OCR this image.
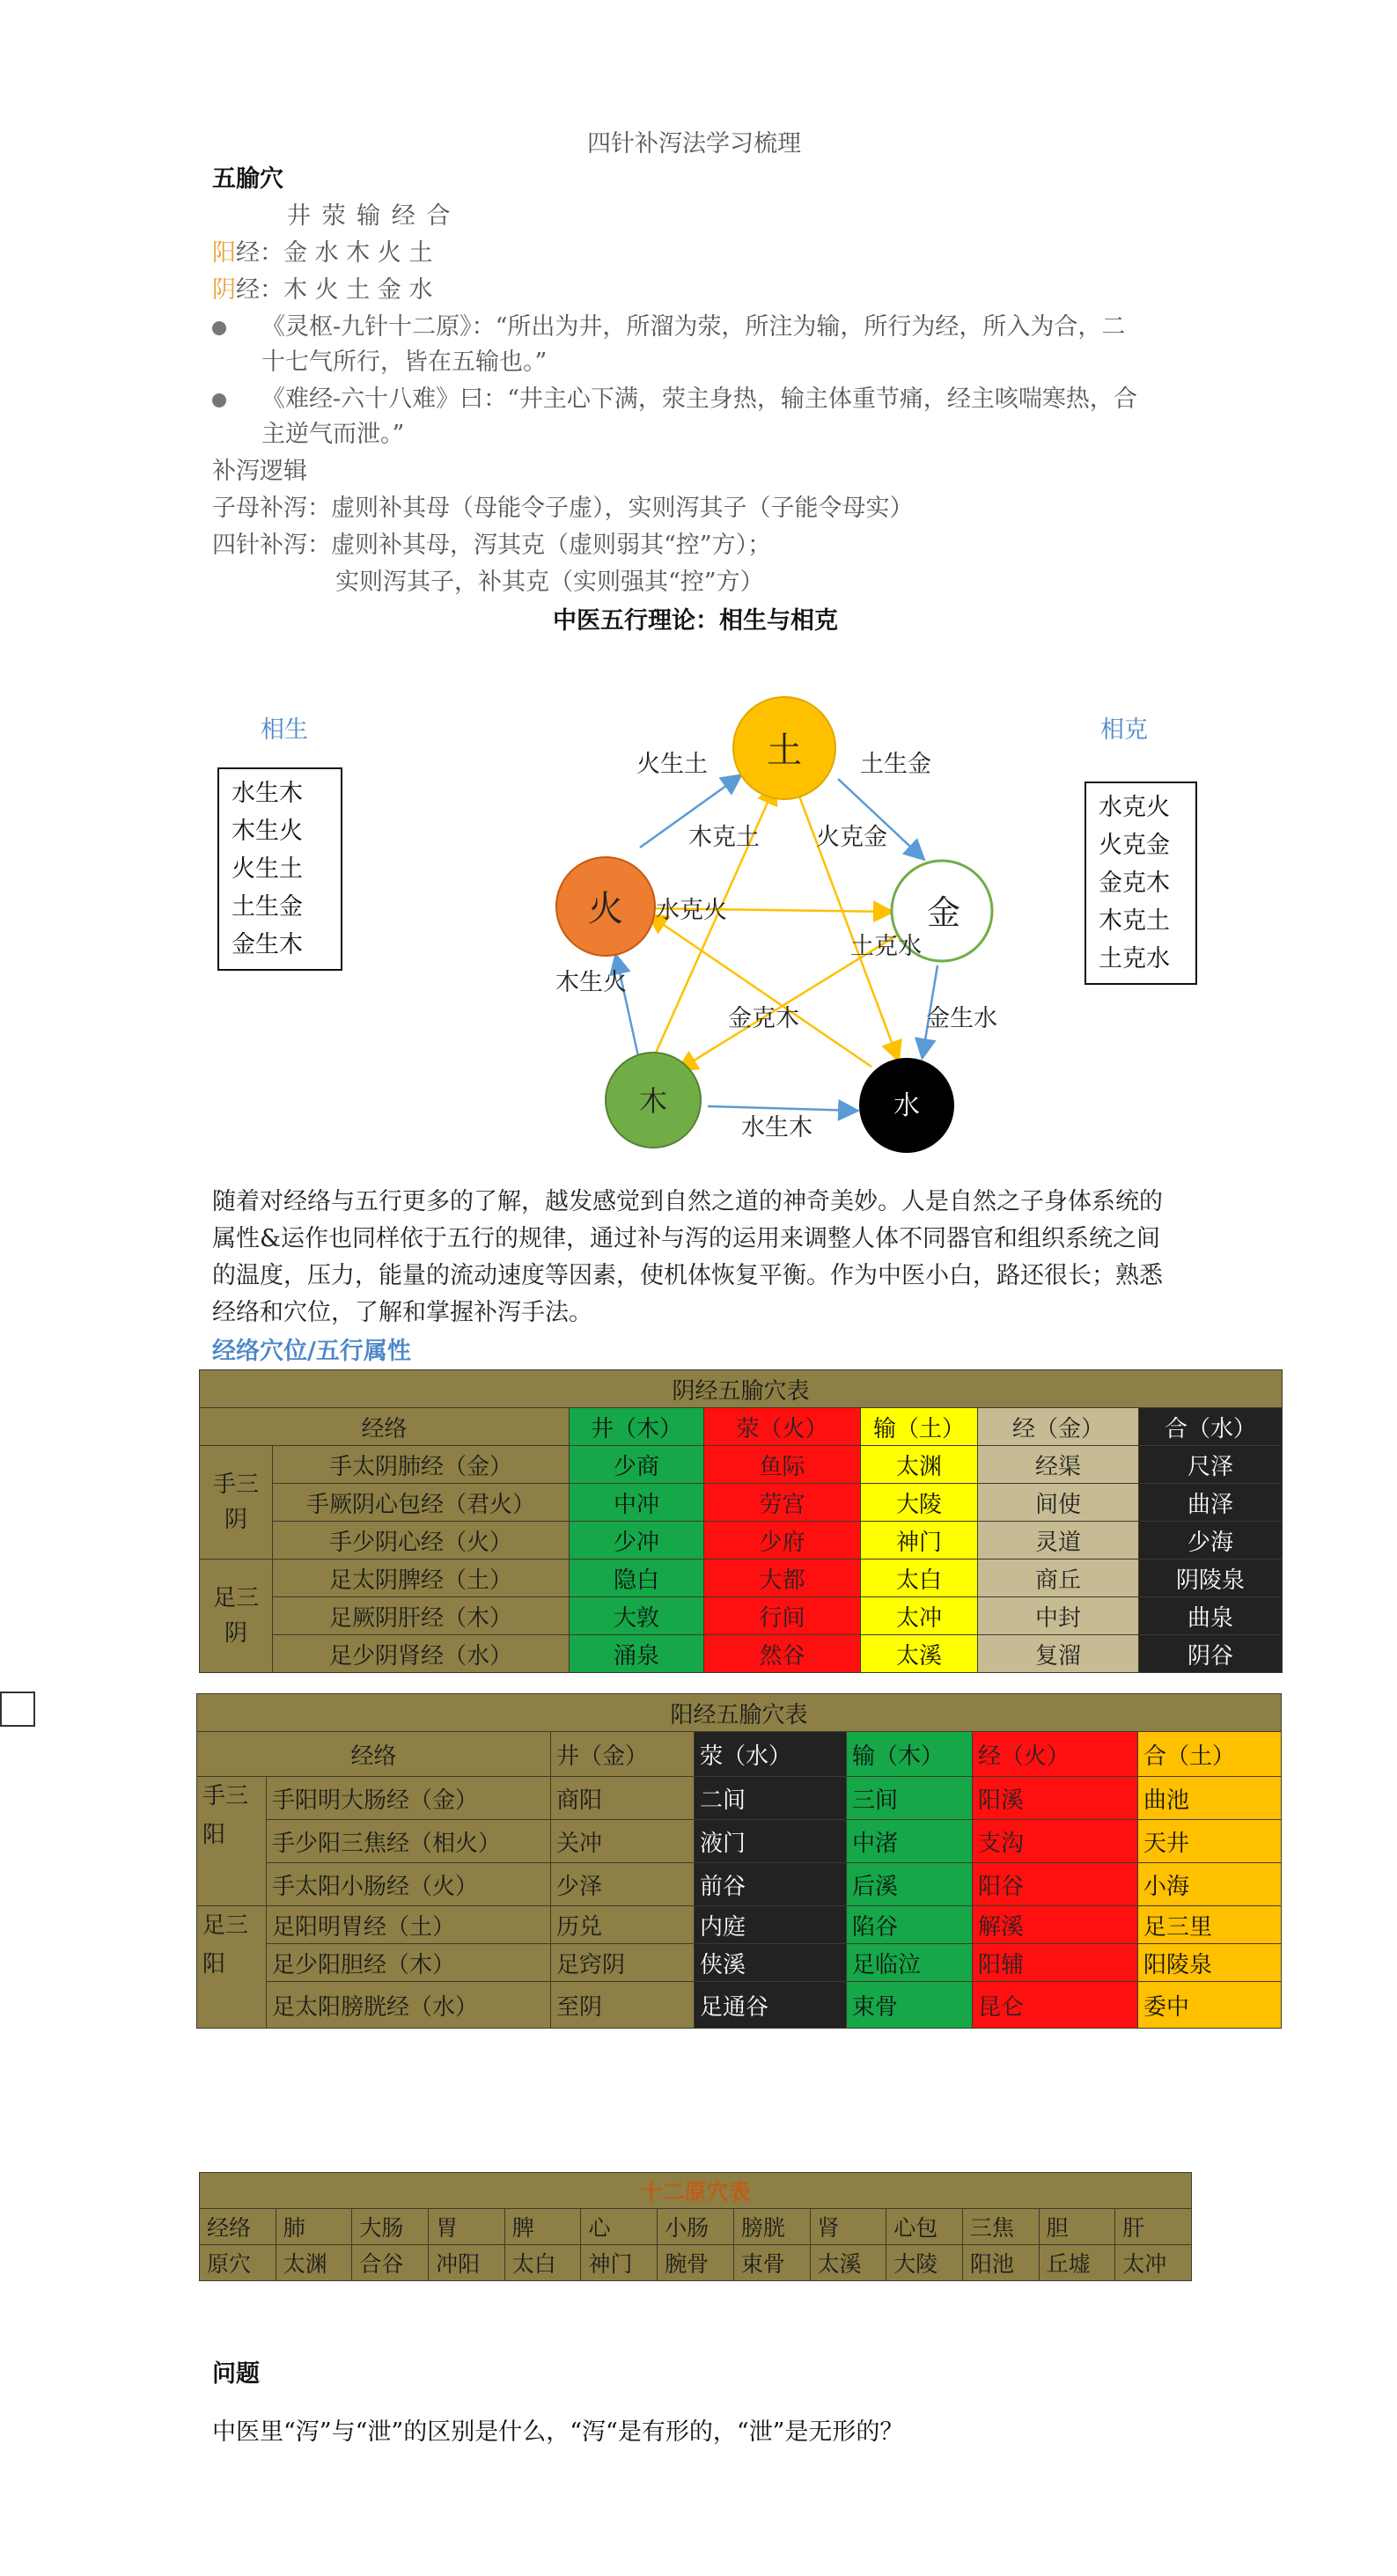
四针补泻法学习梳理
五腧穴
井 荥 输 经 合
阳经：金 水 木 火 土
阴经：木 火 土 金 水
《灵枢-九针十二原》：“所出为井，所溜为荥，所注为输，所行为经，所入为合，二
十七气所行，皆在五输也。”
《难经-六十八难》曰：“井主心下满，荥主身热，输主体重节痛，经主咳喘寒热，合
主逆气而泄。”
补泻逻辑
子母补泻：虚则补其母（母能令子虚），实则泻其子（子能令母实）
四针补泻：虚则补其母，泻其克（虚则弱其“控”方）；
实则泻其子，补其克（实则强其“控”方）
中医五行理论：相生与相克
相生	相克
水生木
木生火
火生土
土生金
金生木
水克火
火克金
金克木
木克土
土克水
土
火	金
木	水
火生土	土生金
木克土 火克金
水克火
土克水
木生火
金克木	金生水
水生木
随着对经络与五行更多的了解，越发感觉到自然之道的神奇美妙。人是自然之子身体系统的
属性&运作也同样依于五行的规律，通过补与泻的运用来调整人体不同器官和组织系统之间
的温度，压力，能量的流动速度等因素，使机体恢复平衡。作为中医小白，路还很长；熟悉
经络和穴位，了解和掌握补泻手法。
经络穴位/五行属性
阴经五腧穴表						
经络		井（木）	荥（火）	输（土）	经（金）	合（水）
手三阴	手太阴肺经（金）	少商	鱼际	太渊	经渠	尺泽
	手厥阴心包经（君火）	中冲	劳宫	大陵	间使	曲泽
	手少阴心经（火）	少冲	少府	神门	灵道	少海
足三阴	足太阴脾经（土）	隐白	大都	太白	商丘	阴陵泉
	足厥阴肝经（木）	大敦	行间	太冲	中封	曲泉
	足少阴肾经（水）	涌泉	然谷	太溪	复溜	阴谷
阳经五腧穴表						
经络		井（金）	荥（水）	输（木）	经（火）	合（土）
手三阳	手阳明大肠经（金）	商阳	二间	三间	阳溪	曲池
	手少阳三焦经（相火）	关冲	液门	中渚	支沟	天井
	手太阳小肠经（火）	少泽	前谷	后溪	阳谷	小海
足三阳	足阳明胃经（土）	历兑	内庭	陷谷	解溪	足三里
	足少阳胆经（木）	足窍阴	侠溪	足临泣	阳辅	阳陵泉
	足太阳膀胱经（水）	至阴	足通谷	束骨	昆仑	委中
十二原穴表												
经络	肺	大肠	胃	脾	心	小肠	膀胱	肾	心包	三焦	胆	肝
原穴	太渊	合谷	冲阳	太白	神门	腕骨	束骨	太溪	大陵	阳池	丘墟	太冲
问题
中医里“泻”与“泄”的区别是什么，“泻“是有形的，“泄”是无形的？
